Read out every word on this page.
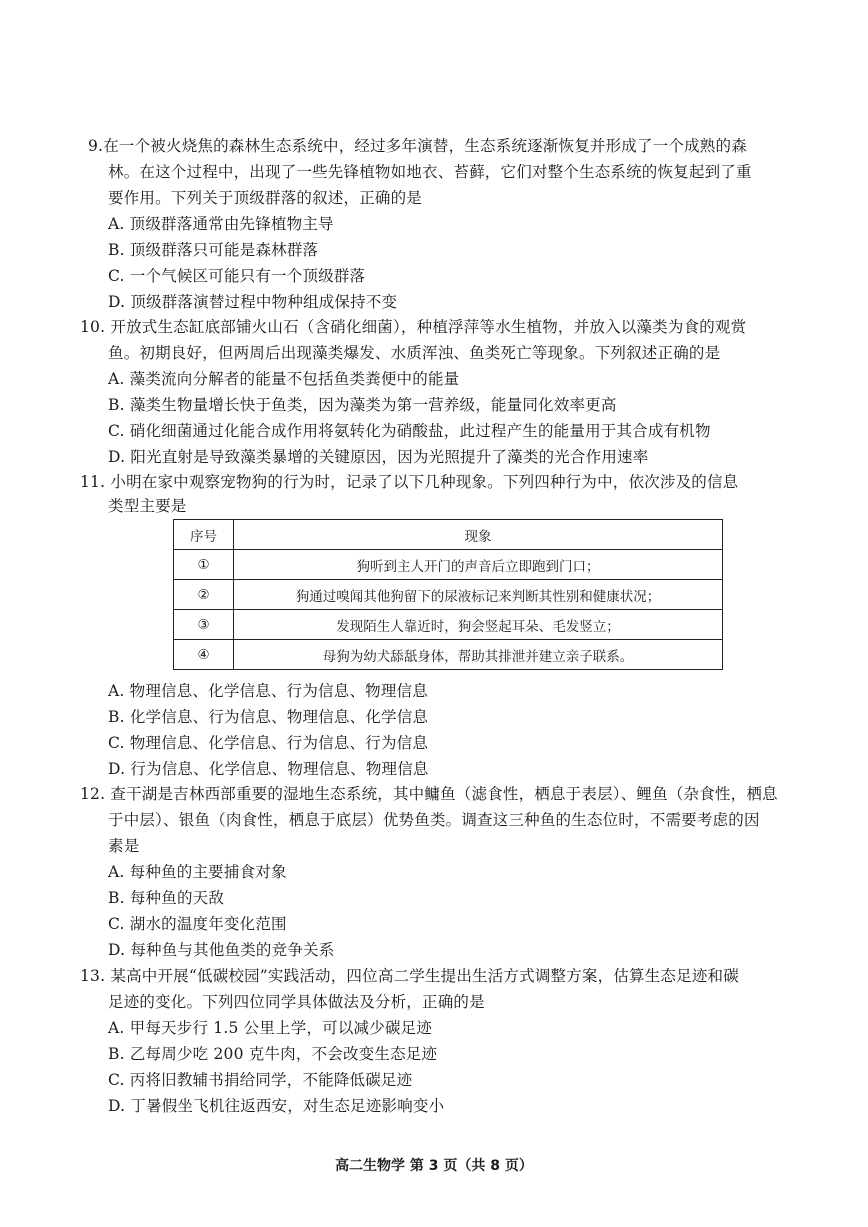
9.在一个被火烧焦的森林生态系统中，经过多年演替，生态系统逐渐恢复并形成了一个成熟的森
林。在这个过程中，出现了一些先锋植物如地衣、苔藓，它们对整个生态系统的恢复起到了重
要作用。下列关于顶级群落的叙述，正确的是
A. 顶级群落通常由先锋植物主导
B. 顶级群落只可能是森林群落
C. 一个气候区可能只有一个顶级群落
D. 顶级群落演替过程中物种组成保持不变
10. 开放式生态缸底部铺火山石（含硝化细菌），种植浮萍等水生植物，并放入以藻类为食的观赏
鱼。初期良好，但两周后出现藻类爆发、水质浑浊、鱼类死亡等现象。下列叙述正确的是
A. 藻类流向分解者的能量不包括鱼类粪便中的能量
B. 藻类生物量增长快于鱼类，因为藻类为第一营养级，能量同化效率更高
C. 硝化细菌通过化能合成作用将氨转化为硝酸盐，此过程产生的能量用于其合成有机物
D. 阳光直射是导致藻类暴增的关键原因，因为光照提升了藻类的光合作用速率
11. 小明在家中观察宠物狗的行为时，记录了以下几种现象。下列四种行为中，依次涉及的信息
类型主要是
序号	现象
①	狗听到主人开门的声音后立即跑到门口；
②	狗通过嗅闻其他狗留下的尿液标记来判断其性别和健康状况；
③	发现陌生人靠近时，狗会竖起耳朵、毛发竖立；
④	母狗为幼犬舔舐身体，帮助其排泄并建立亲子联系。
A. 物理信息、化学信息、行为信息、物理信息
B. 化学信息、行为信息、物理信息、化学信息
C. 物理信息、化学信息、行为信息、行为信息
D. 行为信息、化学信息、物理信息、物理信息
12. 查干湖是吉林西部重要的湿地生态系统，其中鳙鱼（滤食性，栖息于表层）、鲤鱼（杂食性，栖息
于中层）、银鱼（肉食性，栖息于底层）优势鱼类。调查这三种鱼的生态位时，不需要考虑的因
素是
A. 每种鱼的主要捕食对象
B. 每种鱼的天敌
C. 湖水的温度年变化范围
D. 每种鱼与其他鱼类的竞争关系
13. 某高中开展“低碳校园”实践活动，四位高二学生提出生活方式调整方案，估算生态足迹和碳
足迹的变化。下列四位同学具体做法及分析，正确的是
A. 甲每天步行 1.5 公里上学，可以减少碳足迹
B. 乙每周少吃 200 克牛肉，不会改变生态足迹
C. 丙将旧教辅书捐给同学，不能降低碳足迹
D. 丁暑假坐飞机往返西安，对生态足迹影响变小
高二生物学 第 3 页（共 8 页）
